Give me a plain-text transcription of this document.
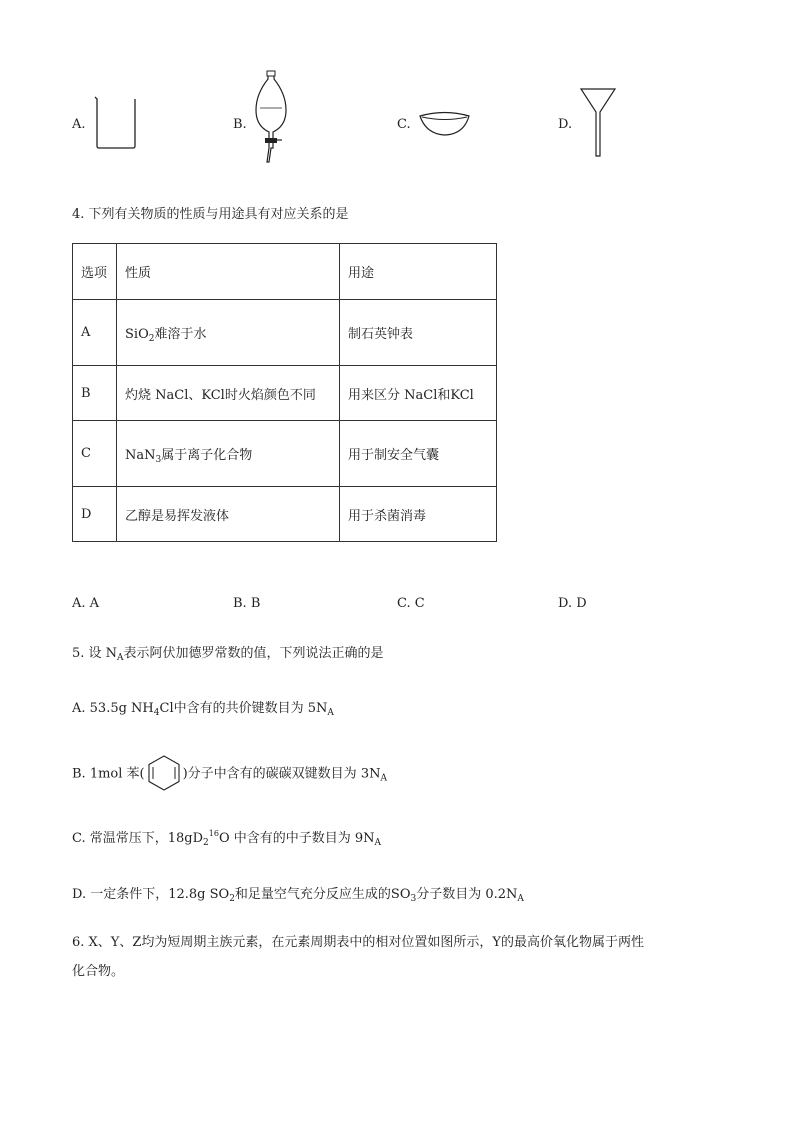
A.	B.	C.	D.
4. 下列有关物质的性质与用途具有对应关系的是
选项	性质	用途
A	SiO$_2$难溶于水	制石英钟表
B	灼烧 NaCl、KCl时火焰颜色不同	用来区分 NaCl和KCl
C	NaN$_3$属于离子化合物	用于制安全气囊
D	乙醇是易挥发液体	用于杀菌消毒
A. A	B. B	C. C	D. D
5. 设 $N_A$表示阿伏加德罗常数的值，下列说法正确的是
A. 53.5g $NH_4Cl$中含有的共价键数目为 $5N_A$
B. 1mol 苯(	)分子中含有的碳碳双键数目为 $3N_A$
C. 常温常压下，$18gD_2^{16}O$ 中含有的中子数目为 $9N_A$
D. 一定条件下，12.8g $SO_2$和足量空气充分反应生成的$SO_3$分子数目为 $0.2N_A$
6. X、Y、Z均为短周期主族元素，在元素周期表中的相对位置如图所示，Y的最高价氧化物属于两性
化合物。
